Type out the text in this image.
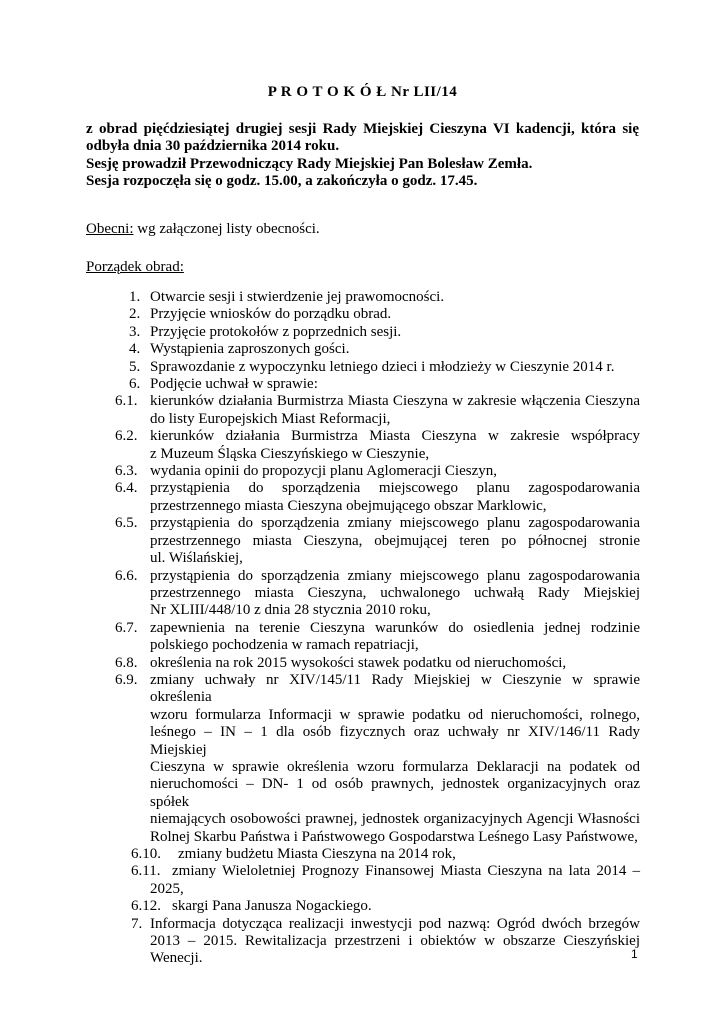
P R O T O K Ó Ł Nr LII/14

z obrad pięćdziesiątej drugiej sesji Rady Miejskiej Cieszyna VI kadencji, która się

odbyła dnia 30 października 2014 roku.

Sesję prowadził Przewodniczący Rady Miejskiej Pan Bolesław Zemła.

Sesja rozpoczęła się o godz. 15.00, a zakończyła o godz. 17.45.

Obecni: wg załączonej listy obecności.
Porządek obrad:
1. Otwarcie sesji i stwierdzenie jej prawomocności.
2. Przyjęcie wniosków do porządku obrad.
3. Przyjęcie protokołów z poprzednich sesji.
4. Wystąpienia zaproszonych gości.
5. Sprawozdanie z wypoczynku letniego dzieci i młodzieży w Cieszynie 2014 r.
6. Podjęcie uchwał w sprawie:
6.1. kierunków działania Burmistrza Miasta Cieszyna w zakresie włączenia Cieszyna
do listy Europejskich Miast Reformacji,
6.2. kierunków działania Burmistrza Miasta Cieszyna w zakresie współpracy
z Muzeum Śląska Cieszyńskiego w Cieszynie,
6.3. wydania opinii do propozycji planu Aglomeracji Cieszyn,
6.4. przystąpienia do sporządzenia miejscowego planu zagospodarowania
przestrzennego miasta Cieszyna obejmującego obszar Marklowic,
6.5. przystąpienia do sporządzenia zmiany miejscowego planu zagospodarowania
przestrzennego miasta Cieszyna, obejmującej teren po północnej stronie
ul. Wiślańskiej,
6.6. przystąpienia do sporządzenia zmiany miejscowego planu zagospodarowania
przestrzennego miasta Cieszyna, uchwalonego uchwałą Rady Miejskiej
Nr XLIII/448/10 z dnia 28 stycznia 2010 roku,
6.7. zapewnienia na terenie Cieszyna warunków do osiedlenia jednej rodzinie
polskiego pochodzenia w ramach repatriacji,
6.8. określenia na rok 2015 wysokości stawek podatku od nieruchomości,
6.9. zmiany uchwały nr XIV/145/11 Rady Miejskiej w Cieszynie w sprawie określenia
wzoru formularza Informacji w sprawie podatku od nieruchomości, rolnego,
leśnego – IN – 1 dla osób fizycznych oraz uchwały nr XIV/146/11 Rady Miejskiej
Cieszyna w sprawie określenia wzoru formularza Deklaracji na podatek od
nieruchomości – DN- 1 od osób prawnych, jednostek organizacyjnych oraz spółek
niemających osobowości prawnej, jednostek organizacyjnych Agencji Własności
Rolnej Skarbu Państwa i Państwowego Gospodarstwa Leśnego Lasy Państwowe,
6.10. zmiany budżetu Miasta Cieszyna na 2014 rok,
6.11. zmiany Wieloletniej Prognozy Finansowej Miasta Cieszyna na lata 2014 –
2025,
6.12. skargi Pana Janusza Nogackiego.
7. Informacja dotycząca realizacji inwestycji pod nazwą: Ogród dwóch brzegów
2013 – 2015. Rewitalizacja przestrzeni i obiektów w obszarze Cieszyńskiej
Wenecji.	1
